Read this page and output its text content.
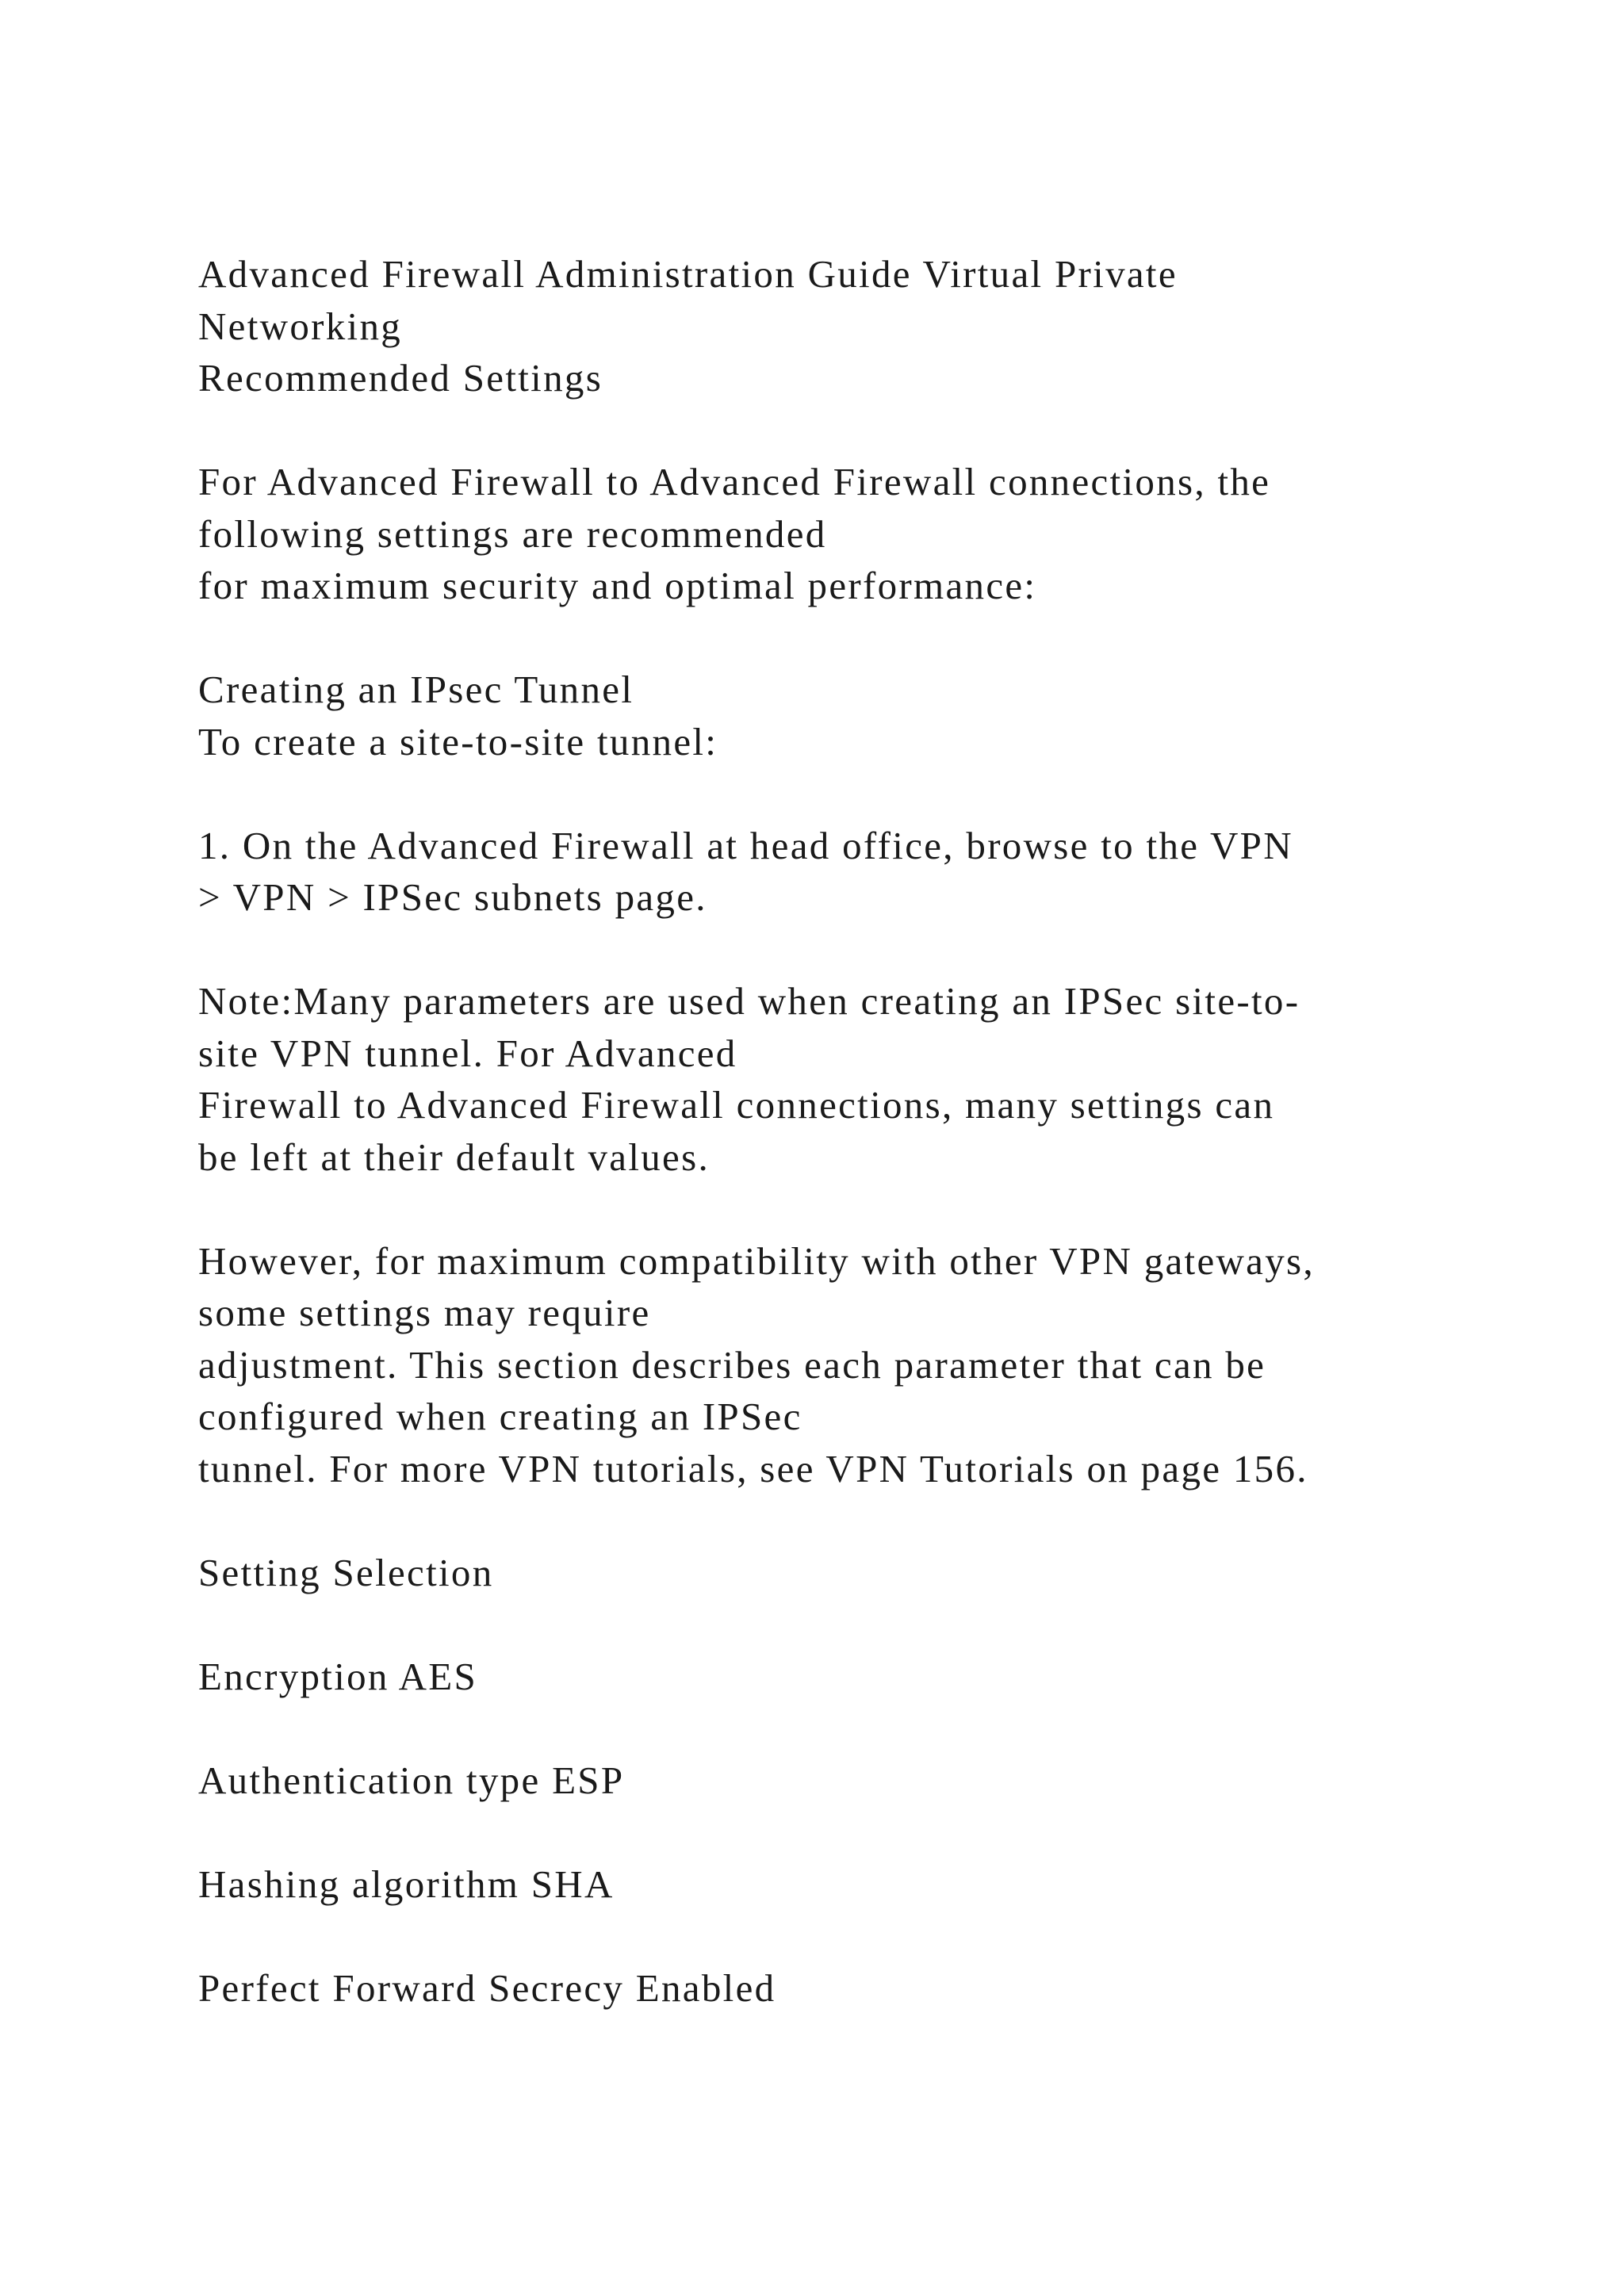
Advanced Firewall Administration Guide Virtual Private
Networking
Recommended Settings
For Advanced Firewall to Advanced Firewall connections, the
following settings are recommended
for maximum security and optimal performance:
Creating an IPsec Tunnel
To create a site-to-site tunnel:
1. On the Advanced Firewall at head office, browse to the VPN
> VPN > IPSec subnets page.
Note:Many parameters are used when creating an IPSec site-to-
site VPN tunnel. For Advanced
Firewall to Advanced Firewall connections, many settings can
be left at their default values.
However, for maximum compatibility with other VPN gateways,
some settings may require
adjustment. This section describes each parameter that can be
configured when creating an IPSec
tunnel. For more VPN tutorials, see VPN Tutorials on page 156.
Setting Selection
Encryption AES
Authentication type ESP
Hashing algorithm SHA
Perfect Forward Secrecy Enabled
